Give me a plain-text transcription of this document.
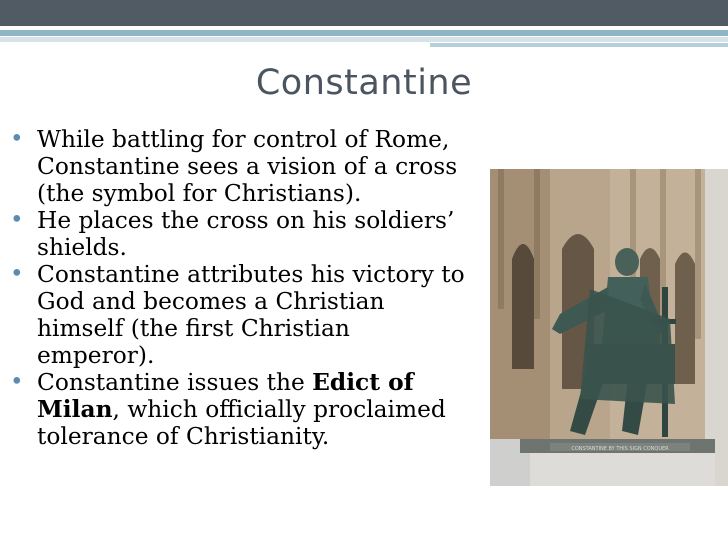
Constantine
• While battling for control of Rome, Constantine sees a vision of a cross (the symbol for Christians).
• He places the cross on his soldiers’ shields.
• Constantine attributes his victory to God and becomes a Christian himself (the first Christian emperor).
• Constantine issues the Edict of Milan, which officially proclaimed tolerance of Christianity.	CONSTANTINE BY THIS SIGN CONQUER
